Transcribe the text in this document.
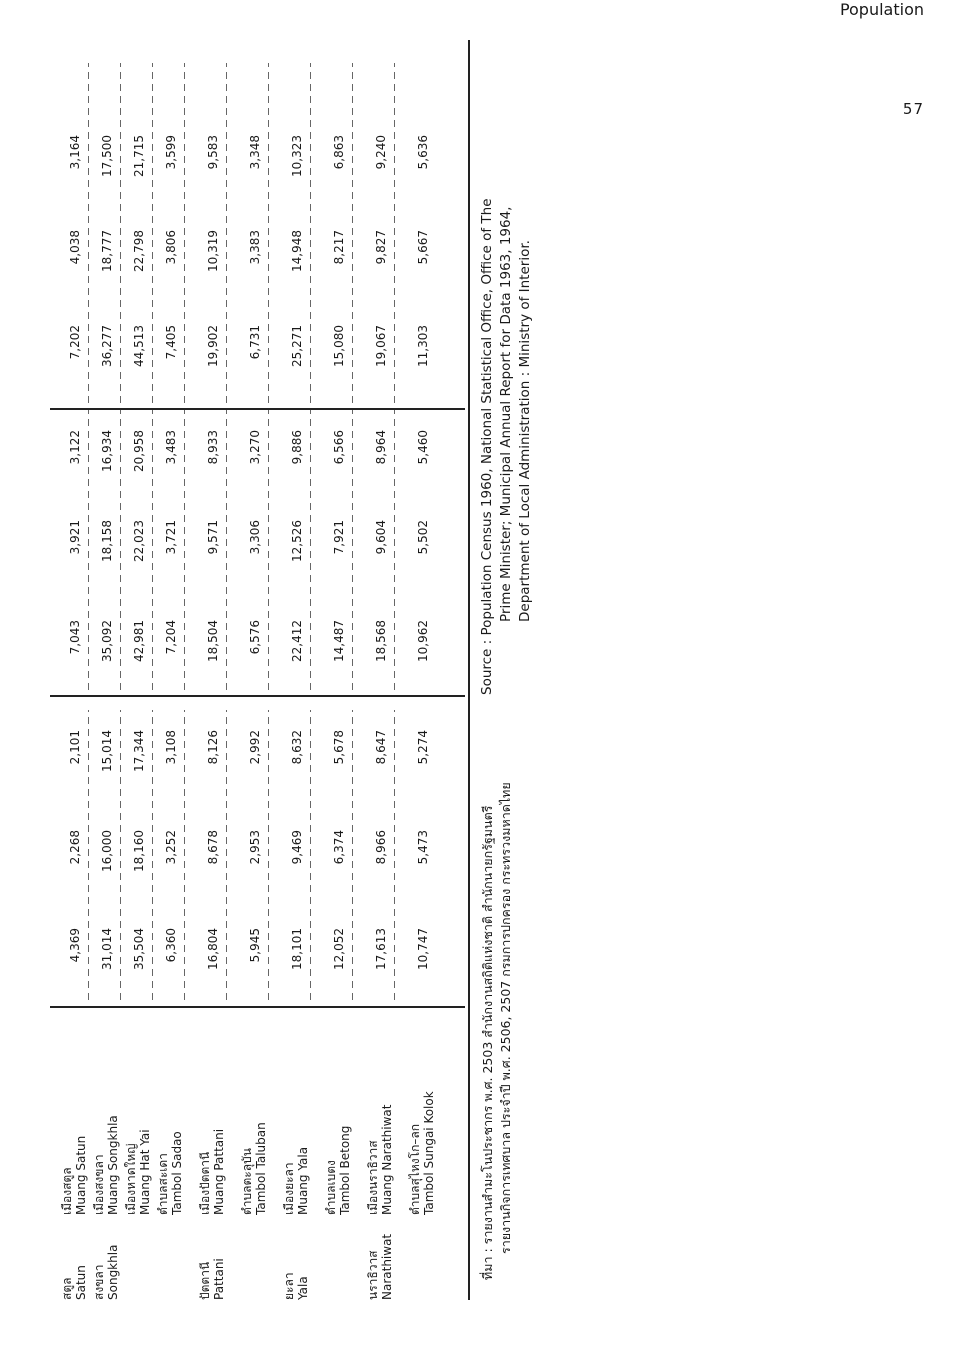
Population
57
สตูล Satun
เมืองสตูล Muang Satun
4,369
2,268
2,101
7,043
3,921
3,122
7,202
4,038
3,164
สงขลา Songkhla
เมืองสงขลา Muang Songkhla
31,014
16,000
15,014
35,092
18,158
16,934
36,277
18,777
17,500
เมืองหาดใหญ่ Muang Hat Yai
35,504
18,160
17,344
42,981
22,023
20,958
44,513
22,798
21,715
ตำบลสะเดา Tambol Sadao
6,360
3,252
3,108
7,204
3,721
3,483
7,405
3,806
3,599
ปัตตานี Pattani
เมืองปัตตานี Muang Pattani
16,804
8,678
8,126
18,504
9,571
8,933
19,902
10,319
9,583
ตำบลตะลุบัน Tambol Taluban
5,945
2,953
2,992
6,576
3,306
3,270
6,731
3,383
3,348
ยะลา Yala
เมืองยะลา Muang Yala
18,101
9,469
8,632
22,412
12,526
9,886
25,271
14,948
10,323
ตำบลเบตง Tambol Betong
12,052
6,374
5,678
14,487
7,921
6,566
15,080
8,217
6,863
นราธิวาส Narathiwat
เมืองนราธิวาส Muang Narathiwat
17,613
8,966
8,647
18,568
9,604
8,964
19,067
9,827
9,240
ตำบลสุไหงโก–ลก Tambol Sungai Kolok
10,747
5,473
5,274
10,962
5,502
5,460
11,303
5,667
5,636
ที่มา : รายงานสำมะโนประชากร พ.ศ. 2503 สำนักงานสถิติแห่งชาติ สำนักนายกรัฐมนตรี รายงานกิจการเทศบาล ประจำปี พ.ศ. 2506, 2507 กรมการปกครอง กระทรวงมหาดไทย
Source : Population Census 1960, National Statistical Office, Office of The Prime Minister; Municipal Annual Report for Data 1963, 1964, Department of Local Administration : Ministry of Interior.
